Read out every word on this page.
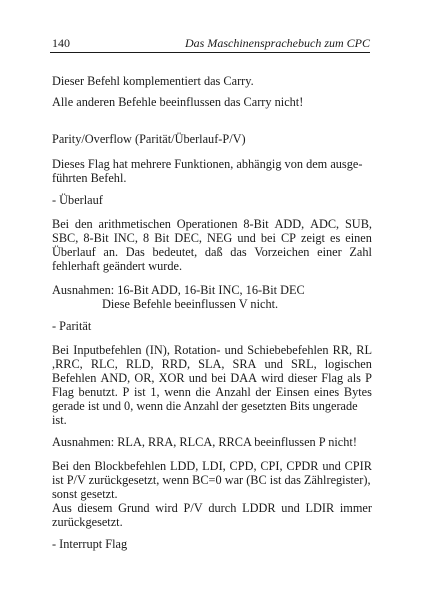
140	Das Maschinensprachebuch zum CPC
Dieser Befehl komplementiert das Carry.
Alle anderen Befehle beeinflussen das Carry nicht!
Parity/Overflow (Parität/Überlauf-P/V)
Dieses Flag hat mehrere Funktionen, abhängig von dem ausge-
führten Befehl.
- Überlauf
Bei den arithmetischen Operationen 8-Bit ADD, ADC, SUB,
SBC, 8-Bit INC, 8 Bit DEC, NEG und bei CP zeigt es einen
Überlauf an. Das bedeutet, daß das Vorzeichen einer Zahl
fehlerhaft geändert wurde.
Ausnahmen: 16-Bit ADD, 16-Bit INC, 16-Bit DEC
Diese Befehle beeinflussen V nicht.
- Parität
Bei Inputbefehlen (IN), Rotation- und Schiebebefehlen RR, RL
,RRC, RLC, RLD, RRD, SLA, SRA und SRL, logischen
Befehlen AND, OR, XOR und bei DAA wird dieser Flag als P
Flag benutzt. P ist 1, wenn die Anzahl der Einsen eines Bytes
gerade ist und 0, wenn die Anzahl der gesetzten Bits ungerade
ist.
Ausnahmen: RLA, RRA, RLCA, RRCA beeinflussen P nicht!
Bei den Blockbefehlen LDD, LDI, CPD, CPI, CPDR und CPIR
ist P/V zurückgesetzt, wenn BC=0 war (BC ist das Zählregister),
sonst gesetzt.
Aus diesem Grund wird P/V durch LDDR und LDIR immer
zurückgesetzt.
- Interrupt Flag
